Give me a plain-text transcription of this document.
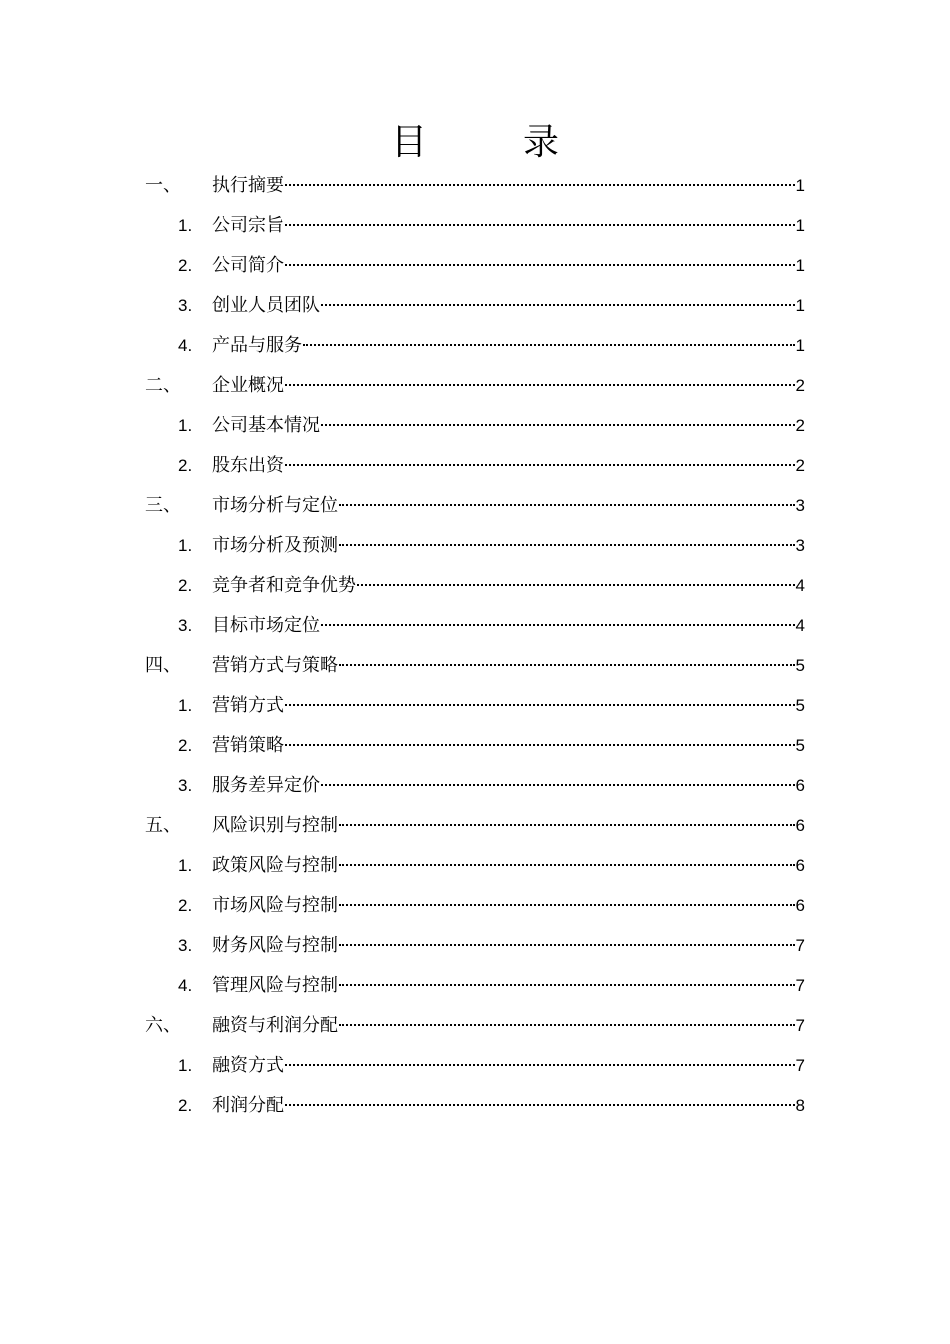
目　录
一、 执行摘要	1
1. 公司宗旨	1
2. 公司简介	1
3. 创业人员团队	1
4. 产品与服务	1
二、 企业概况	2
1. 公司基本情况	2
2. 股东出资	2
三、 市场分析与定位	3
1. 市场分析及预测	3
2. 竞争者和竞争优势	4
3. 目标市场定位	4
四、 营销方式与策略	5
1. 营销方式	5
2. 营销策略	5
3. 服务差异定价	6
五、 风险识别与控制	6
1. 政策风险与控制	6
2. 市场风险与控制	6
3. 财务风险与控制	7
4. 管理风险与控制	7
六、 融资与利润分配	7
1. 融资方式	7
2. 利润分配	8
